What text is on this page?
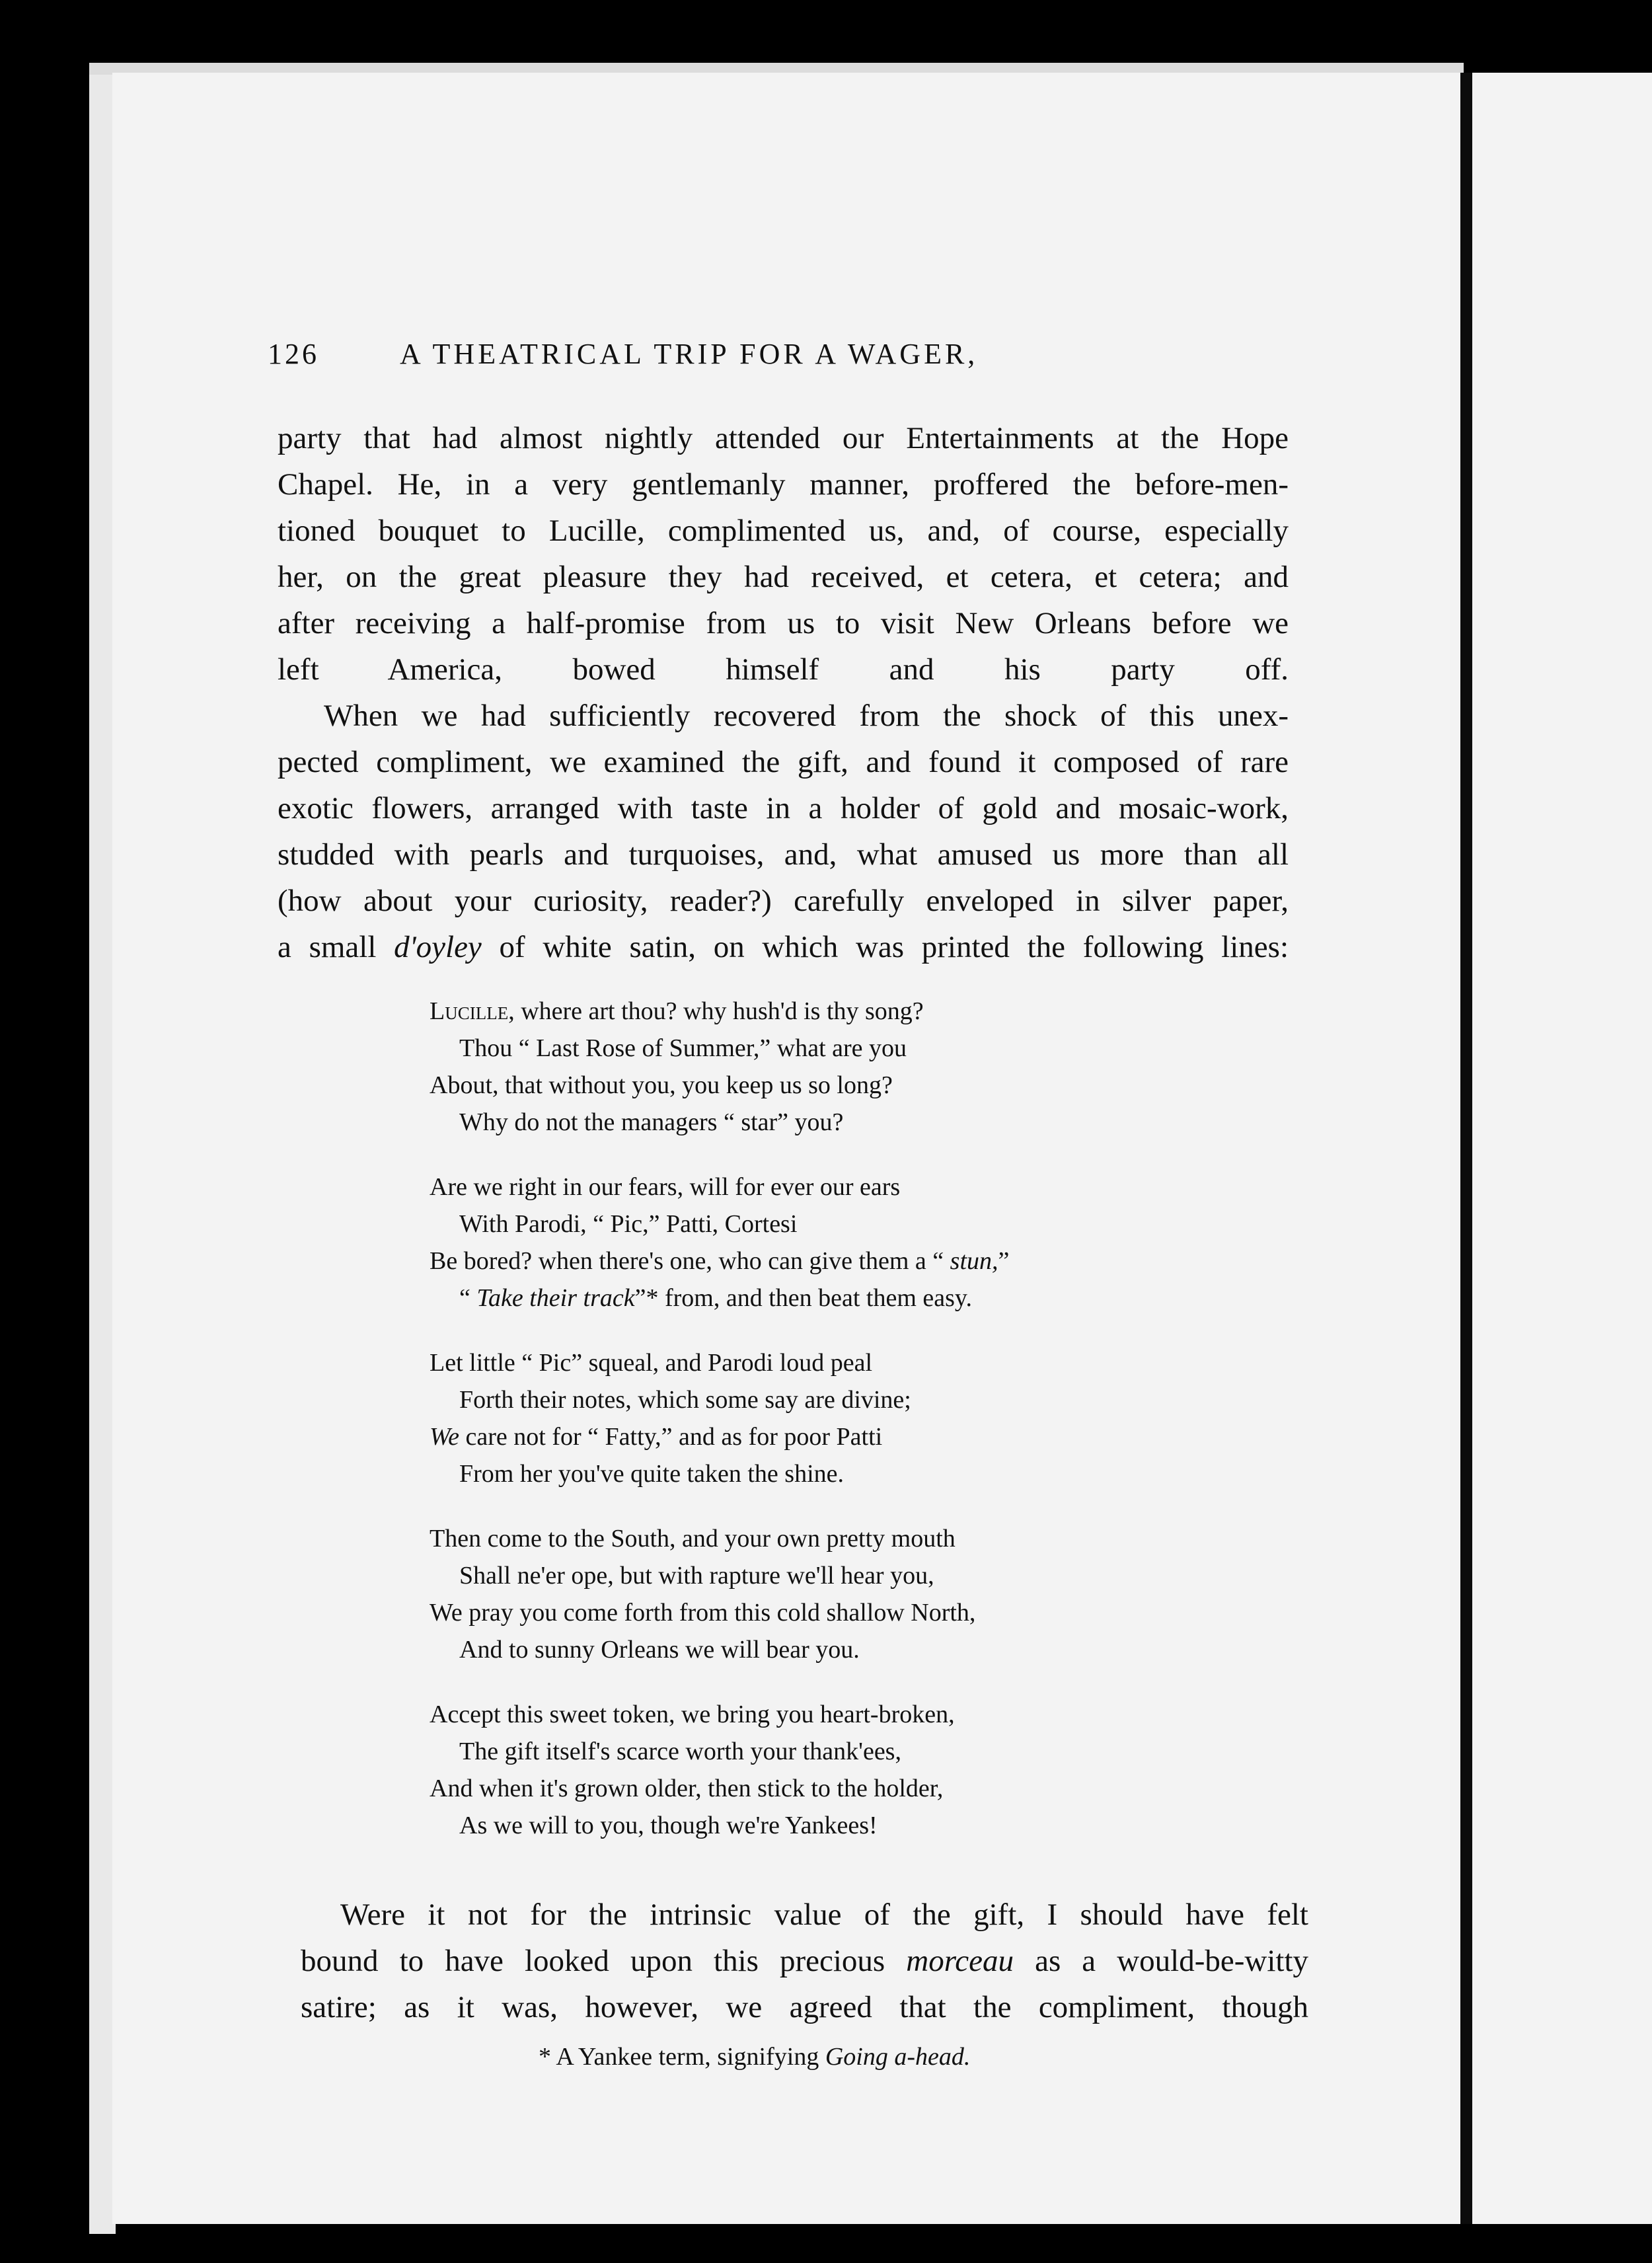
126	A THEATRICAL TRIP FOR A WAGER,

party that had almost nightly attended our Entertainments at the Hope
Chapel. He, in a very gentlemanly manner, proffered the before-men-
tioned bouquet to Lucille, complimented us, and, of course, especially
her, on the great pleasure they had received, et cetera, et cetera; and
after receiving a half-promise from us to visit New Orleans before we
left America, bowed himself and his party off.

When we had sufficiently recovered from the shock of this unex-
pected compliment, we examined the gift, and found it composed of rare
exotic flowers, arranged with taste in a holder of gold and mosaic-work,
studded with pearls and turquoises, and, what amused us more than all
(how about your curiosity, reader?) carefully enveloped in silver paper,
a small d'oyley of white satin, on which was printed the following lines:

Lucille, where art thou? why hush'd is thy song?
Thou “ Last Rose of Summer,” what are you
About, that without you, you keep us so long?
Why do not the managers “ star” you?
Are we right in our fears, will for ever our ears
With Parodi, “ Pic,” Patti, Cortesi
Be bored? when there's one, who can give them a “ stun,”
“ Take their track”* from, and then beat them easy.
Let little “ Pic” squeal, and Parodi loud peal
Forth their notes, which some say are divine;
We care not for “ Fatty,” and as for poor Patti
From her you've quite taken the shine.
Then come to the South, and your own pretty mouth
Shall ne'er ope, but with rapture we'll hear you,
We pray you come forth from this cold shallow North,
And to sunny Orleans we will bear you.
Accept this sweet token, we bring you heart-broken,
The gift itself's scarce worth your thank'ees,
And when it's grown older, then stick to the holder,
As we will to you, though we're Yankees!

Were it not for the intrinsic value of the gift, I should have felt
bound to have looked upon this precious morceau as a would-be-witty
satire; as it was, however, we agreed that the compliment, though

* A Yankee term, signifying Going a-head.
